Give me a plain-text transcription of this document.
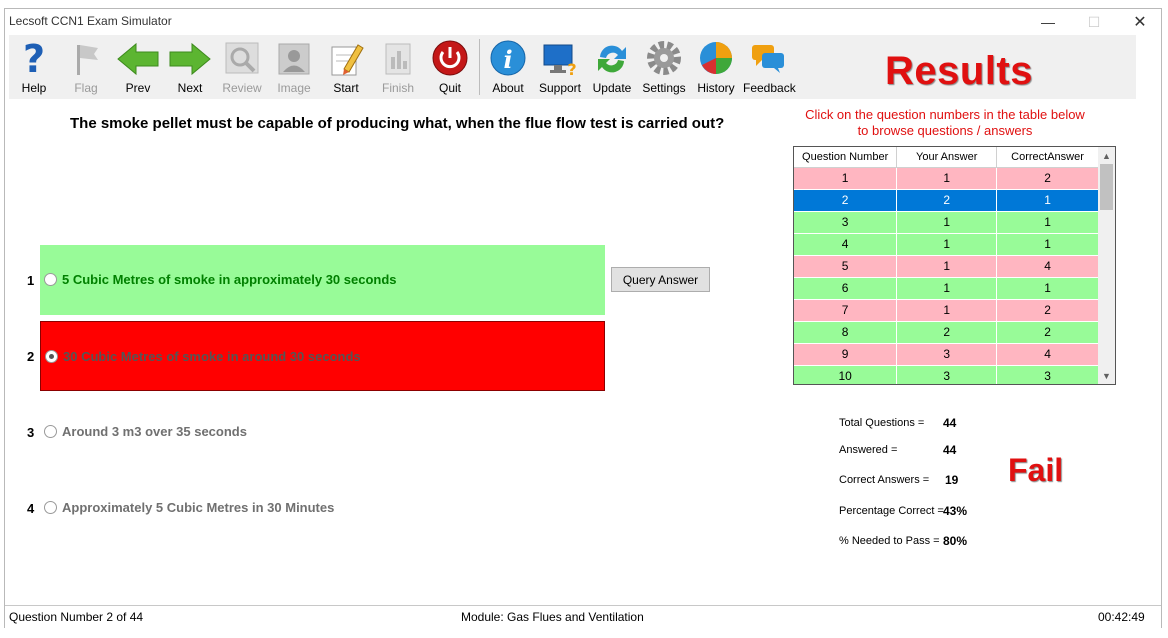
Lecsoft CCN1 Exam Simulator	—	☐	✕
?
Help	Flag	Prev	Next	Review	Image	Start	Finish	Quit
i
About
?
Support Update Settings History Feedback Results
The smoke pellet must be capable of producing what, when the flue flow test is carried out?
1 5 Cubic Metres of smoke in approximately 30 seconds
2 30 Cubic Metres of smoke in around 30 seconds
3 Around 3 m3 over 35 seconds
4 Approximately 5 Cubic Metres in 30 Minutes
Query Answer
Click on the question numbers in the table below
to browse questions / answers
Question Number	Your Answer	CorrectAnswer
1	1	2
2	2	1
3	1	1
4	1	1
5	1	4
6	1	1
7	1	2
8	2	2
9	3	4
10	3	3
▲
▼
Total Questions = 44
Answered =	44
Correct Answers = 19
Percentage Correct = 43%
% Needed to Pass = 80%
Fail
Question Number 2 of 44	Module: Gas Flues and Ventilation	00:42:49
